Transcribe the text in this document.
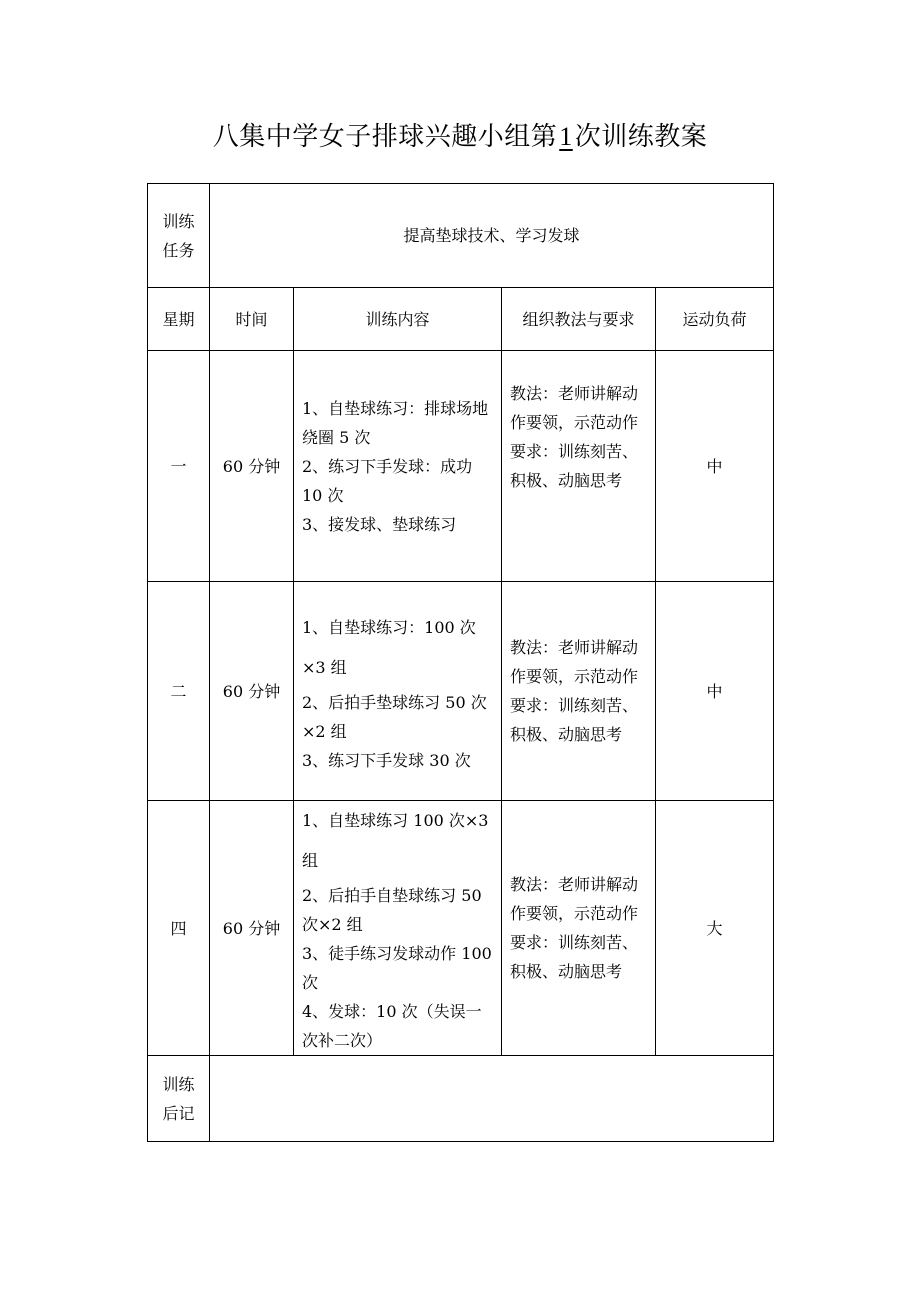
八集中学女子排球兴趣小组第1次训练教案
训练
任务	提高垫球技术、学习发球			
星期	时间	训练内容	组织教法与要求	运动负荷
一	60 分钟	1、自垫球练习：排球场地绕圈 5 次
2、练习下手发球：成功 10 次
3、接发球、垫球练习	教法：老师讲解动作要领，示范动作
要求：训练刻苦、积极、动脑思考	中
二	60 分钟	1、自垫球练习：100 次×3 组
2、后拍手垫球练习 50 次×2 组
3、练习下手发球 30 次	教法：老师讲解动作要领，示范动作
要求：训练刻苦、积极、动脑思考	中
四	60 分钟	1、自垫球练习 100 次×3 组
2、后拍手自垫球练习 50 次×2 组
3、徒手练习发球动作 100 次
4、发球：10 次（失误一次补二次）	教法：老师讲解动作要领，示范动作
要求：训练刻苦、积极、动脑思考	大

训练
后记				
